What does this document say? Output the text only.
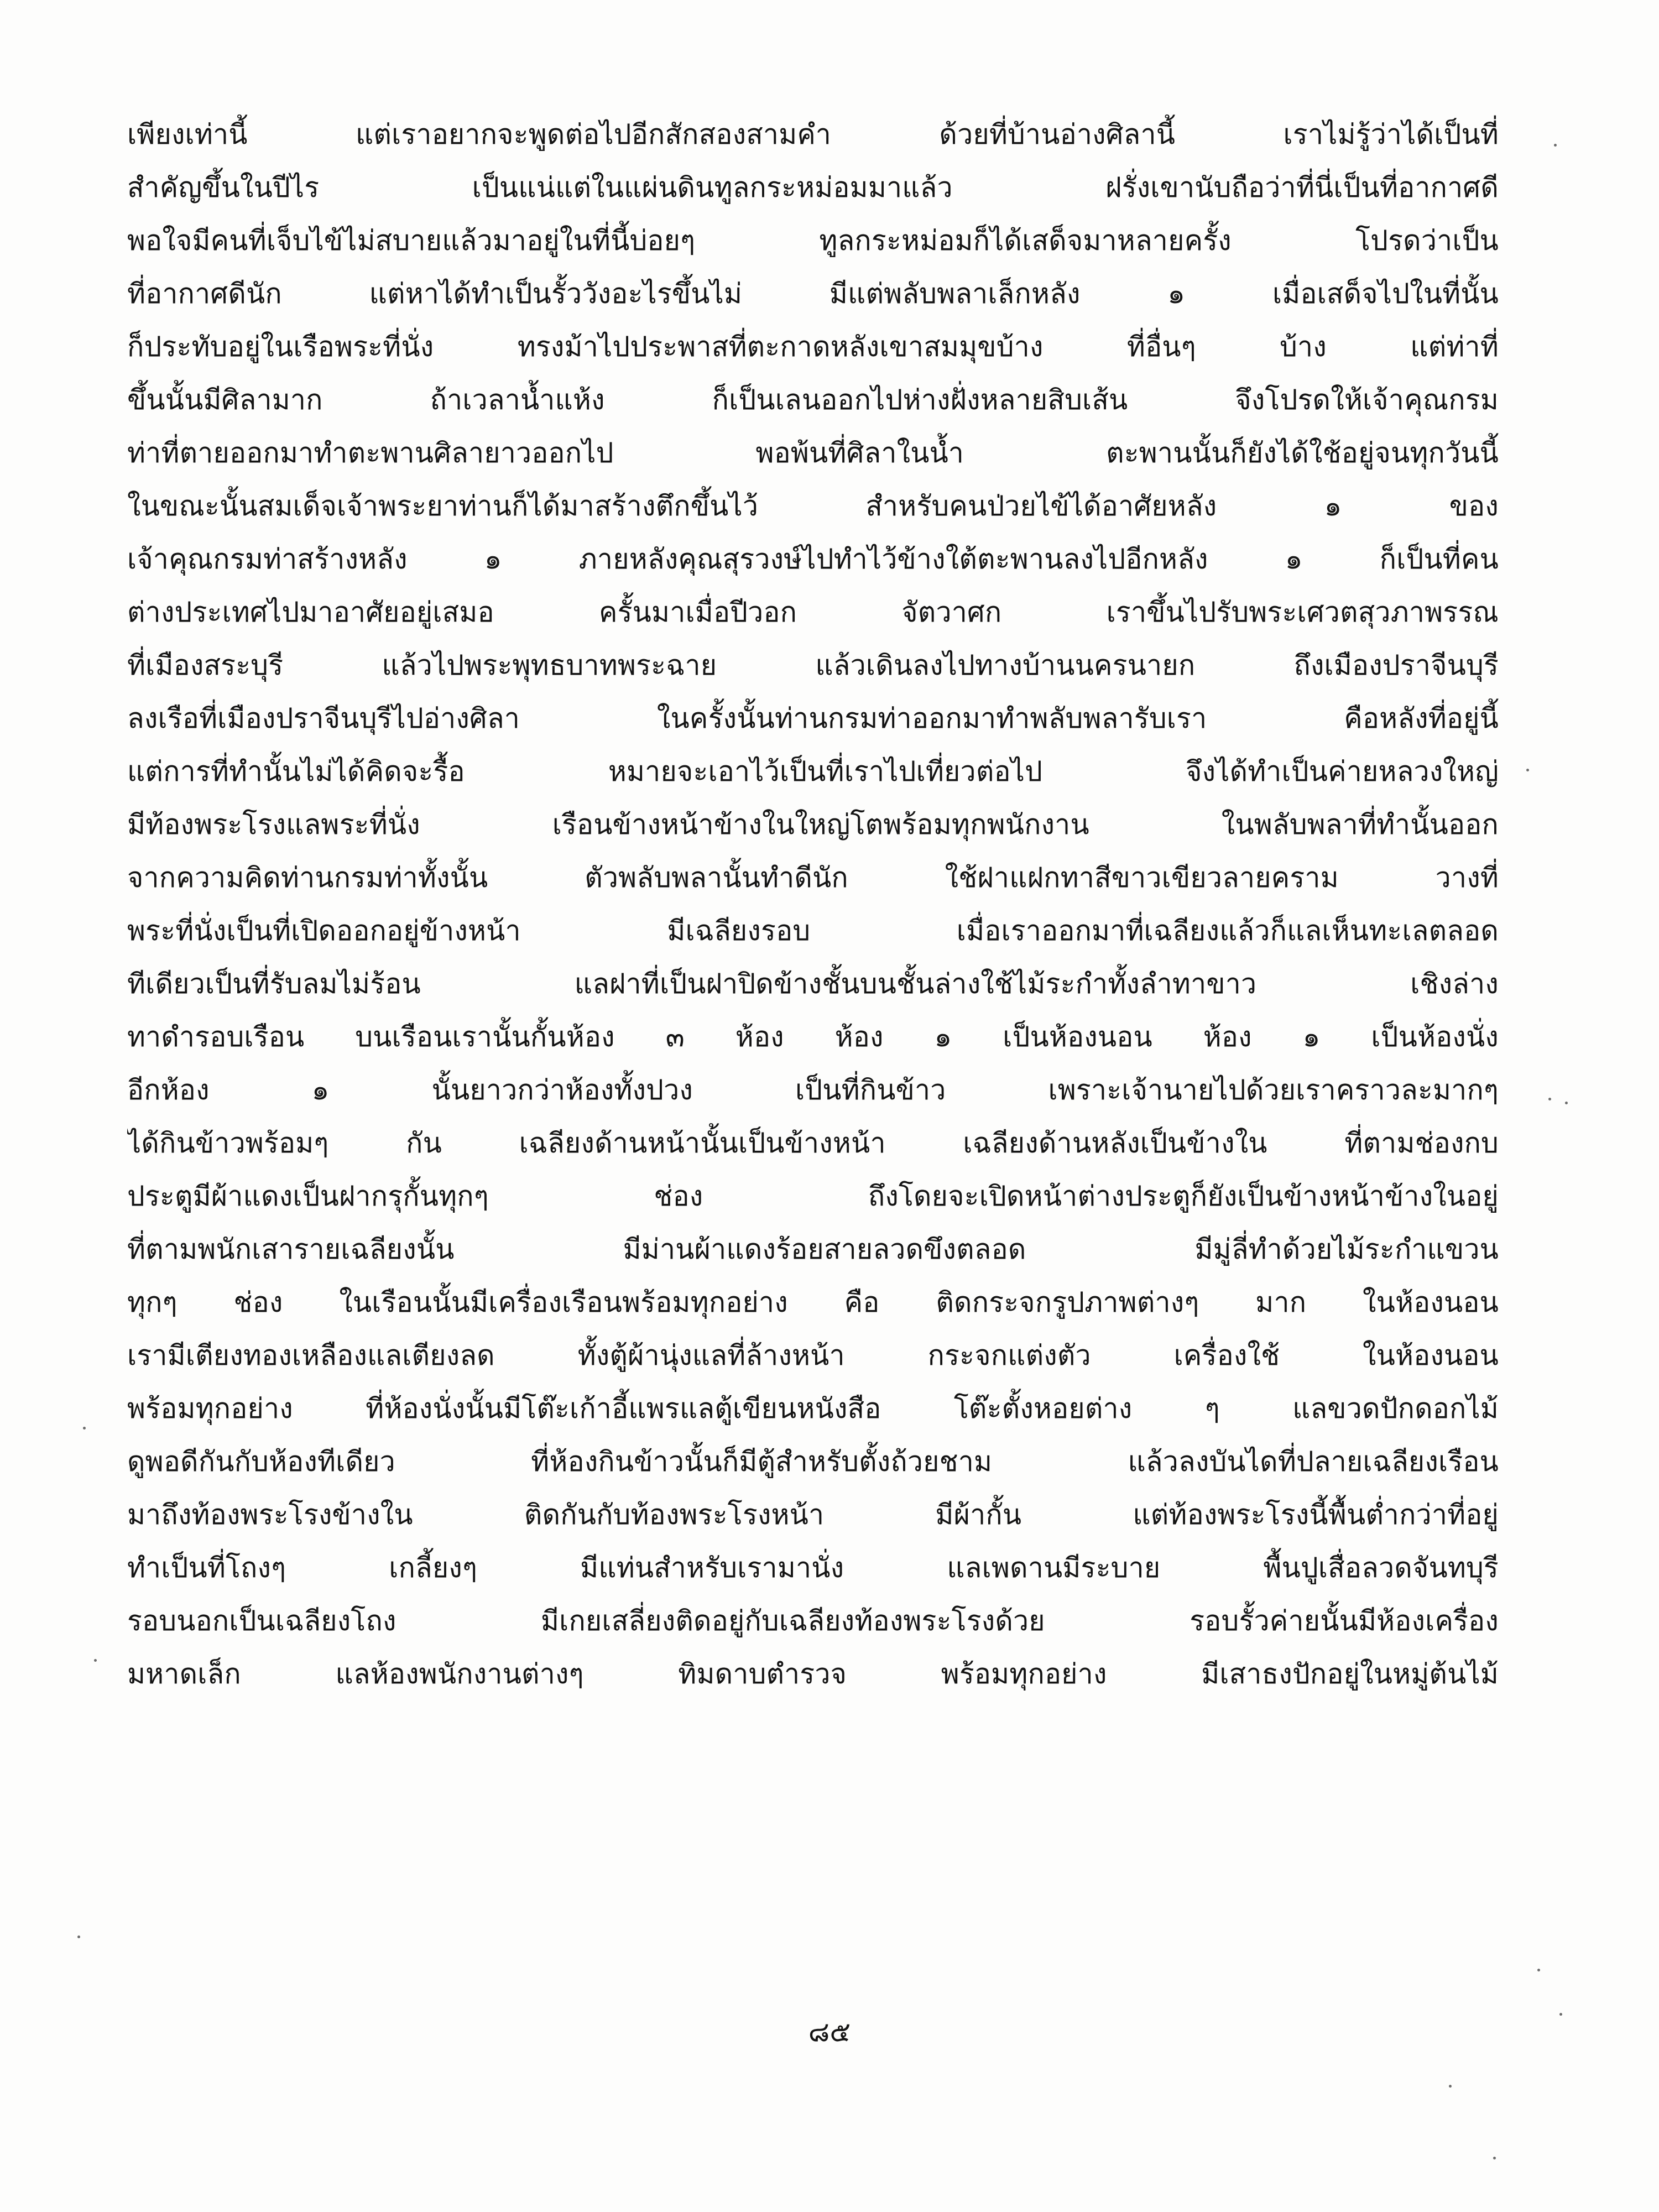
เพียงเท่านี้ แต่เราอยากจะพูดต่อไปอีกสักสองสามคำ ด้วยที่บ้านอ่างศิลานี้ เราไม่รู้ว่าได้เป็นที่
สำคัญขึ้นในปีไร เป็นแน่แต่ในแผ่นดินทูลกระหม่อมมาแล้ว ฝรั่งเขานับถือว่าที่นี่เป็นที่อากาศดี
พอใจมีคนที่เจ็บไข้ไม่สบายแล้วมาอยู่ในที่นี้บ่อยๆ ทูลกระหม่อมก็ได้เสด็จมาหลายครั้ง โปรดว่าเป็น
ที่อากาศดีนัก แต่หาได้ทำเป็นรั้ววังอะไรขึ้นไม่ มีแต่พลับพลาเล็กหลัง ๑ เมื่อเสด็จไปในที่นั้น
ก็ประทับอยู่ในเรือพระที่นั่ง ทรงม้าไปประพาสที่ตะกาดหลังเขาสมมุขบ้าง ที่อื่นๆ บ้าง แต่ท่าที่
ขึ้นนั้นมีศิลามาก ถ้าเวลาน้ำแห้ง ก็เป็นเลนออกไปห่างฝั่งหลายสิบเส้น จึงโปรดให้เจ้าคุณกรม
ท่าที่ตายออกมาทำตะพานศิลายาวออกไป พอพ้นที่ศิลาในน้ำ ตะพานนั้นก็ยังได้ใช้อยู่จนทุกวันนี้
ในขณะนั้นสมเด็จเจ้าพระยาท่านก็ได้มาสร้างตึกขึ้นไว้ สำหรับคนป่วยไข้ได้อาศัยหลัง ๑ ของ
เจ้าคุณกรมท่าสร้างหลัง ๑ ภายหลังคุณสุรวงษ์ไปทำไว้ข้างใต้ตะพานลงไปอีกหลัง ๑ ก็เป็นที่คน
ต่างประเทศไปมาอาศัยอยู่เสมอ ครั้นมาเมื่อปีวอก จัตวาศก เราขึ้นไปรับพระเศวตสุวภาพรรณ
ที่เมืองสระบุรี แล้วไปพระพุทธบาทพระฉาย แล้วเดินลงไปทางบ้านนครนายก ถึงเมืองปราจีนบุรี
ลงเรือที่เมืองปราจีนบุรีไปอ่างศิลา ในครั้งนั้นท่านกรมท่าออกมาทำพลับพลารับเรา คือหลังที่อยู่นี้
แต่การที่ทำนั้นไม่ได้คิดจะรื้อ หมายจะเอาไว้เป็นที่เราไปเที่ยวต่อไป จึงได้ทำเป็นค่ายหลวงใหญ่
มีท้องพระโรงแลพระที่นั่ง เรือนข้างหน้าข้างในใหญ่โตพร้อมทุกพนักงาน ในพลับพลาที่ทำนั้นออก
จากความคิดท่านกรมท่าทั้งนั้น ตัวพลับพลานั้นทำดีนัก ใช้ฝาแฝกทาสีขาวเขียวลายคราม วางที่
พระที่นั่งเป็นที่เปิดออกอยู่ข้างหน้า มีเฉลียงรอบ เมื่อเราออกมาที่เฉลียงแล้วก็แลเห็นทะเลตลอด
ทีเดียวเป็นที่รับลมไม่ร้อน แลฝาที่เป็นฝาปิดข้างชั้นบนชั้นล่างใช้ไม้ระกำทั้งลำทาขาว เชิงล่าง
ทาดำรอบเรือน บนเรือนเรานั้นกั้นห้อง ๓ ห้อง ห้อง ๑ เป็นห้องนอน ห้อง ๑ เป็นห้องนั่ง
อีกห้อง ๑ นั้นยาวกว่าห้องทั้งปวง เป็นที่กินข้าว เพราะเจ้านายไปด้วยเราคราวละมากๆ
ได้กินข้าวพร้อมๆ กัน เฉลียงด้านหน้านั้นเป็นข้างหน้า เฉลียงด้านหลังเป็นข้างใน ที่ตามช่องกบ
ประตูมีผ้าแดงเป็นฝากรุกั้นทุกๆ ช่อง ถึงโดยจะเปิดหน้าต่างประตูก็ยังเป็นข้างหน้าข้างในอยู่
ที่ตามพนักเสารายเฉลียงนั้น มีม่านผ้าแดงร้อยสายลวดขึงตลอด มีมู่ลี่ทำด้วยไม้ระกำแขวน
ทุกๆ ช่อง ในเรือนนั้นมีเครื่องเรือนพร้อมทุกอย่าง คือ ติดกระจกรูปภาพต่างๆ มาก ในห้องนอน
เรามีเตียงทองเหลืองแลเตียงลด ทั้งตู้ผ้านุ่งแลที่ล้างหน้า กระจกแต่งตัว เครื่องใช้ ในห้องนอน
พร้อมทุกอย่าง ที่ห้องนั่งนั้นมีโต๊ะเก้าอี้แพรแลตู้เขียนหนังสือ โต๊ะตั้งหอยต่าง ๆ แลขวดปักดอกไม้
ดูพอดีกันกับห้องทีเดียว ที่ห้องกินข้าวนั้นก็มีตู้สำหรับตั้งถ้วยชาม แล้วลงบันไดที่ปลายเฉลียงเรือน
มาถึงท้องพระโรงข้างใน ติดกันกับท้องพระโรงหน้า มีผ้ากั้น แต่ท้องพระโรงนี้พื้นต่ำกว่าที่อยู่
ทำเป็นที่โถงๆ เกลี้ยงๆ มีแท่นสำหรับเรามานั่ง แลเพดานมีระบาย พื้นปูเสื่อลวดจันทบุรี
รอบนอกเป็นเฉลียงโถง มีเกยเสลี่ยงติดอยู่กับเฉลียงท้องพระโรงด้วย รอบรั้วค่ายนั้นมีห้องเครื่อง
มหาดเล็ก แลห้องพนักงานต่างๆ ทิมดาบตำรวจ พร้อมทุกอย่าง มีเสาธงปักอยู่ในหมู่ต้นไม้
๘๕
